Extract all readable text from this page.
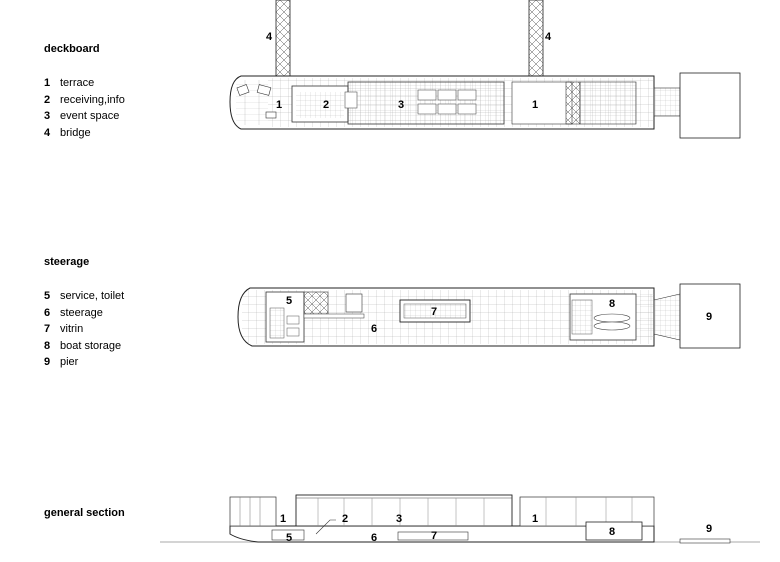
deckboard
steerage
general section
1 terrace
2 receiving,info
3 event space
4 bridge
5 service, toilet
6 steerage
7 vitrin
8 boat storage
9 pier
1	2	3	1
4	4
5
6
7
8
9
1	2	3	1
5	6	7	8	9
